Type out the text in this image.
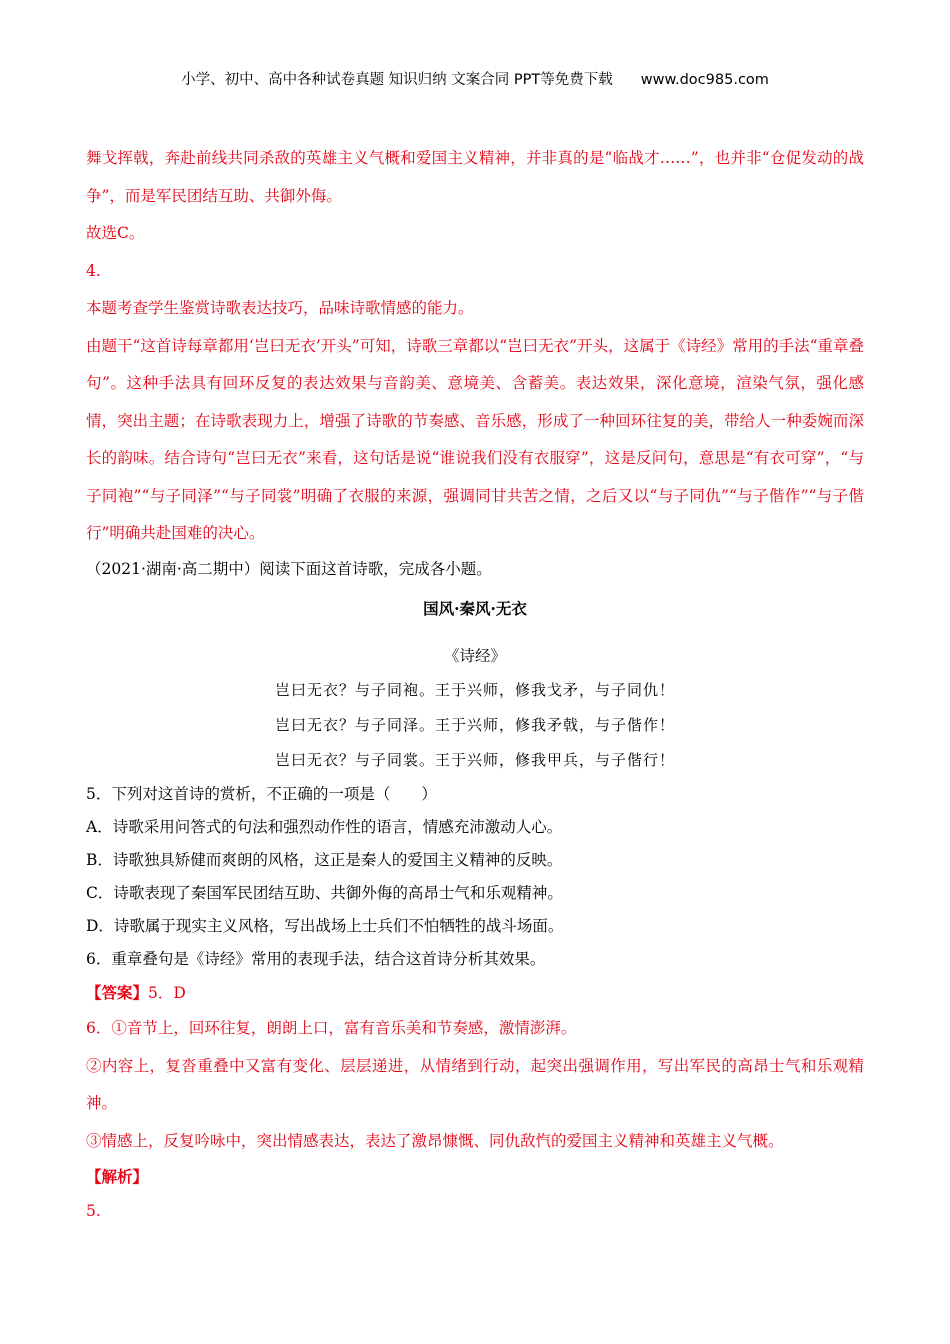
小学、初中、高中各种试卷真题 知识归纳 文案合同 PPT等免费下载 www.doc985.com

舞戈挥戟，奔赴前线共同杀敌的英雄主义气概和爱国主义精神，并非真的是“临战才……”，也并非“仓促发动的战争”，而是军民团结互助、共御外侮。

故选C。

4.

本题考查学生鉴赏诗歌表达技巧，品味诗歌情感的能力。

由题干“这首诗每章都用‘岂曰无衣’开头”可知，诗歌三章都以“岂曰无衣”开头，这属于《诗经》常用的手法“重章叠句”。这种手法具有回环反复的表达效果与音韵美、意境美、含蓄美。表达效果，深化意境，渲染气氛，强化感情，突出主题；在诗歌表现力上，增强了诗歌的节奏感、音乐感，形成了一种回环往复的美，带给人一种委婉而深长的韵味。结合诗句“岂曰无衣”来看，这句话是说“谁说我们没有衣服穿”，这是反问句，意思是“有衣可穿”，“与子同袍”“与子同泽”“与子同裳”明确了衣服的来源，强调同甘共苦之情，之后又以“与子同仇”“与子偕作”“与子偕行”明确共赴国难的决心。

（2021·湖南·高二期中）阅读下面这首诗歌，完成各小题。

国风·秦风·无衣

《诗经》

岂曰无衣？与子同袍。王于兴师，修我戈矛，与子同仇！

岂曰无衣？与子同泽。王于兴师，修我矛戟，与子偕作！

岂曰无衣？与子同裳。王于兴师，修我甲兵，与子偕行！

5．下列对这首诗的赏析，不正确的一项是（　　）

A．诗歌采用问答式的句法和强烈动作性的语言，情感充沛激动人心。

B．诗歌独具矫健而爽朗的风格，这正是秦人的爱国主义精神的反映。

C．诗歌表现了秦国军民团结互助、共御外侮的高昂士气和乐观精神。

D．诗歌属于现实主义风格，写出战场上士兵们不怕牺牲的战斗场面。

6．重章叠句是《诗经》常用的表现手法，结合这首诗分析其效果。

【答案】5．D

6．①音节上，回环往复，朗朗上口，富有音乐美和节奏感，激情澎湃。

②内容上，复沓重叠中又富有变化、层层递进，从情绪到行动，起突出强调作用，写出军民的高昂士气和乐观精神。

③情感上，反复吟咏中，突出情感表达，表达了激昂慷慨、同仇敌忾的爱国主义精神和英雄主义气概。

【解析】

5.
